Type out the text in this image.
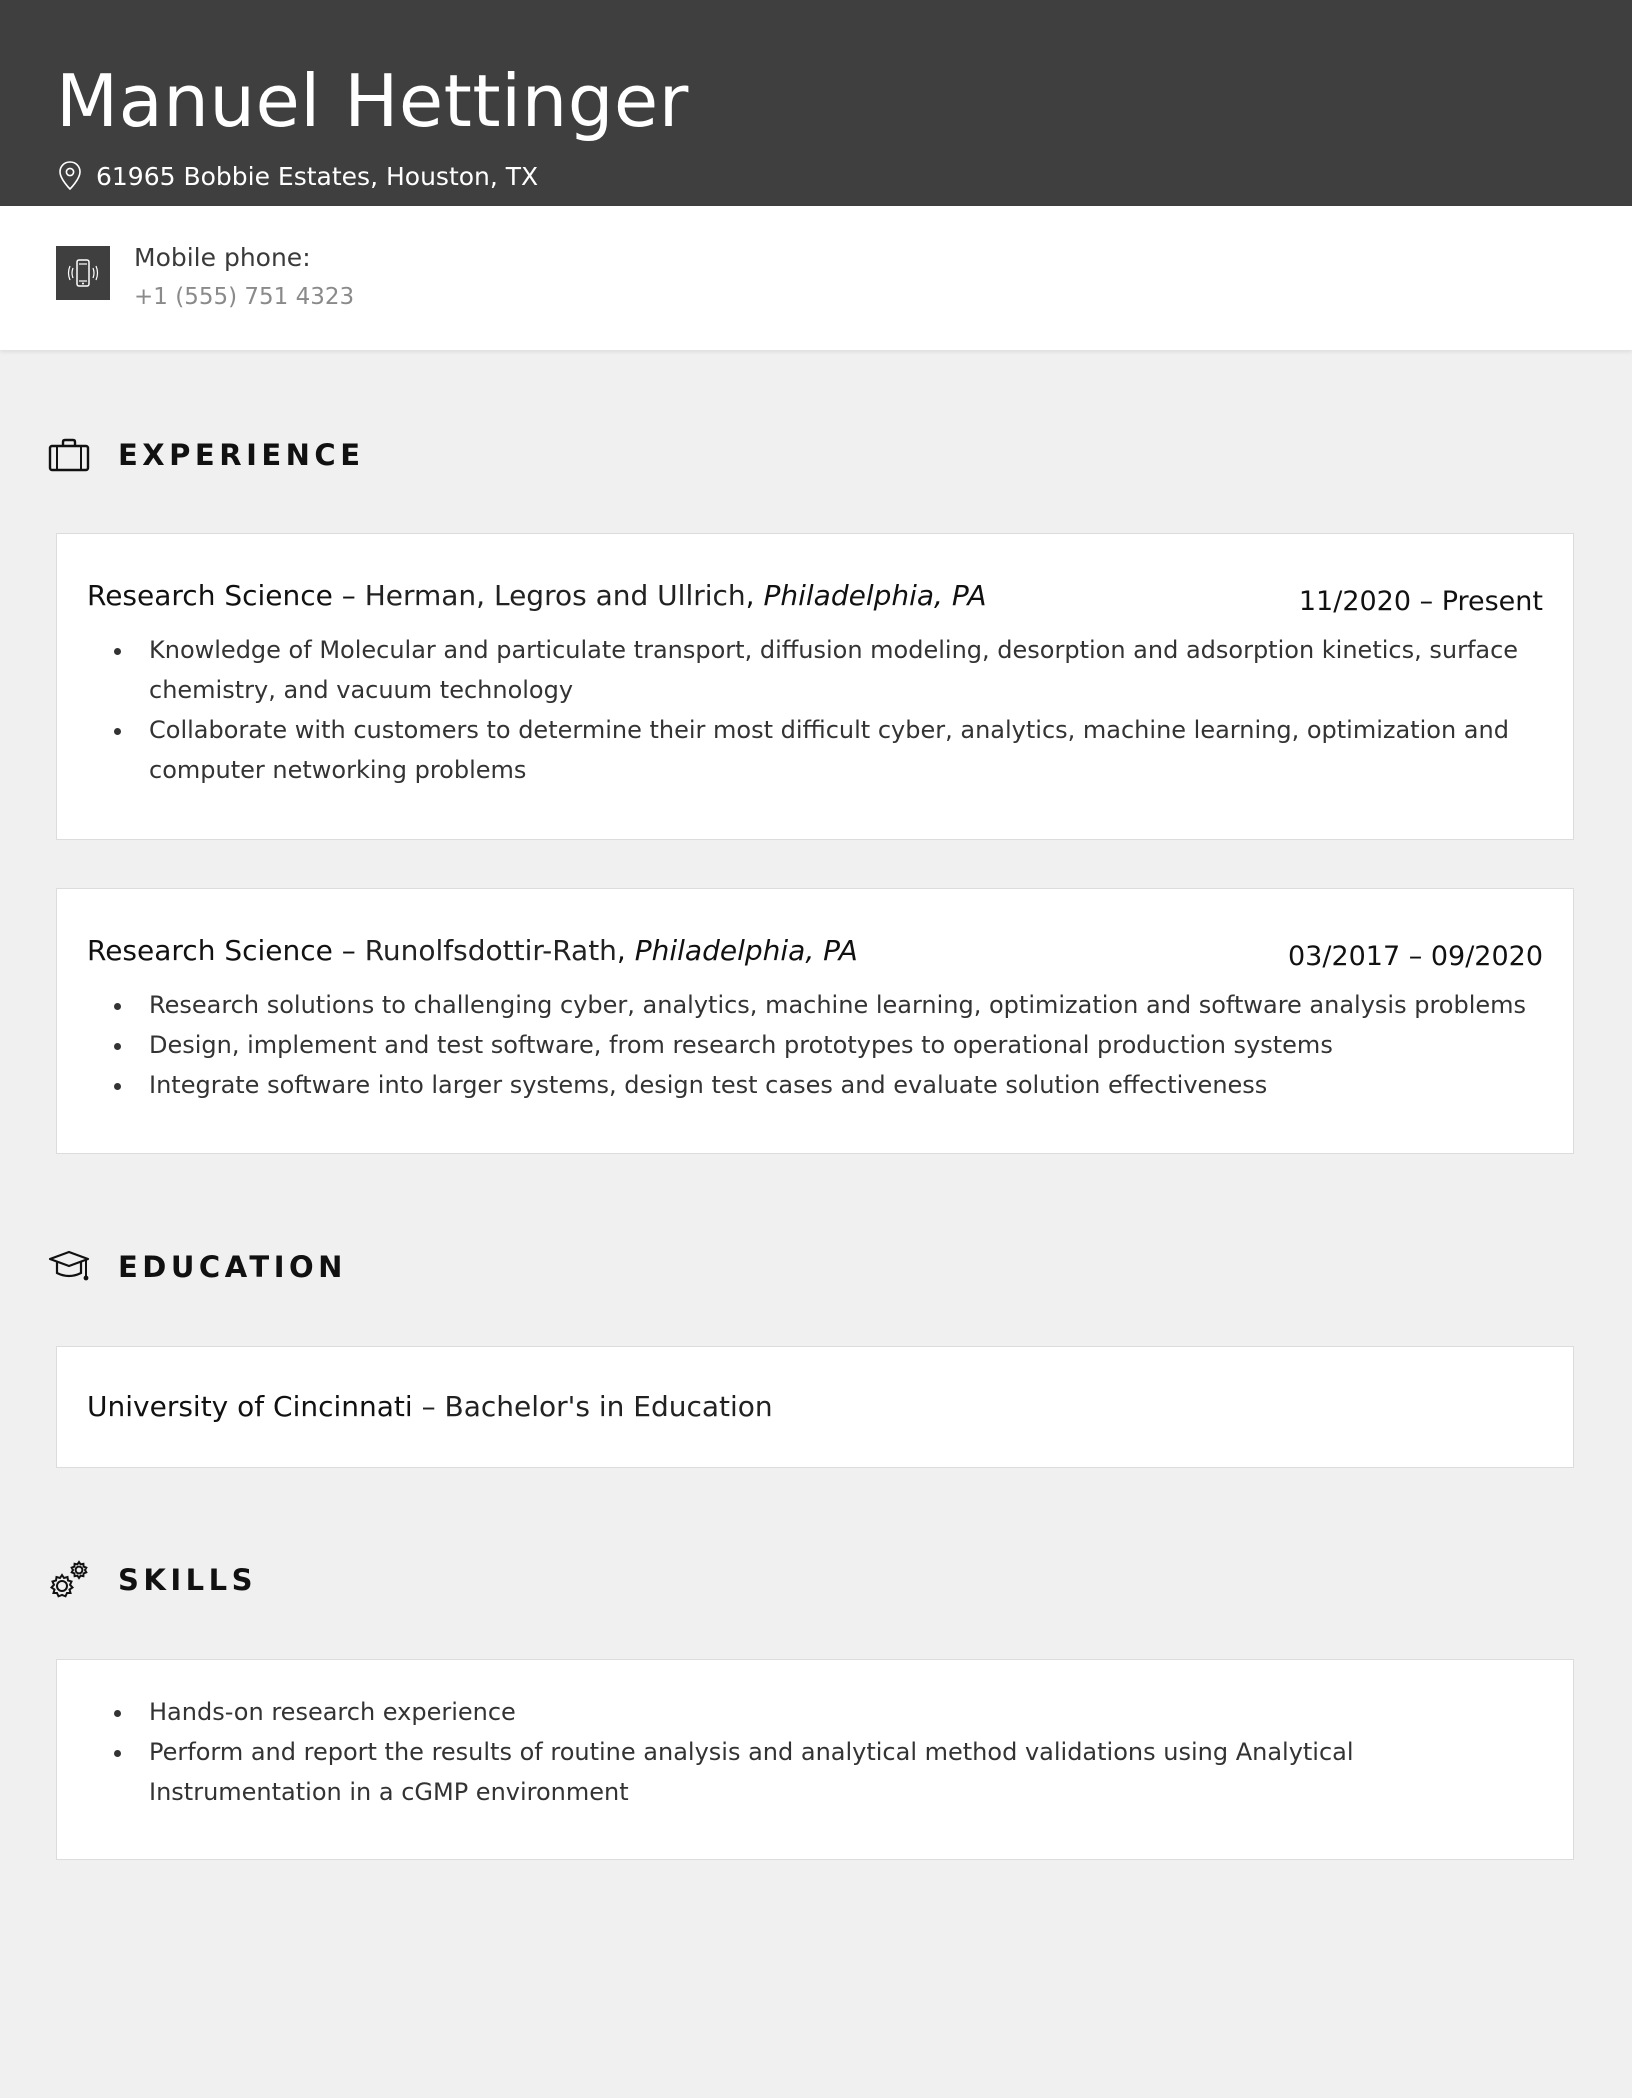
Manuel Hettinger
61965 Bobbie Estates, Houston, TX
Mobile phone:
+1 (555) 751 4323
EXPERIENCE
Research Science – Herman, Legros and Ullrich, Philadelphia, PA	11/2020 – Present
• Knowledge of Molecular and particulate transport, diffusion modeling, desorption and adsorption kinetics, surface chemistry, and vacuum technology
• Collaborate with customers to determine their most difficult cyber, analytics, machine learning, optimization and computer networking problems
Research Science – Runolfsdottir-Rath, Philadelphia, PA	03/2017 – 09/2020
• Research solutions to challenging cyber, analytics, machine learning, optimization and software analysis problems
• Design, implement and test software, from research prototypes to operational production systems
• Integrate software into larger systems, design test cases and evaluate solution effectiveness
EDUCATION
University of Cincinnati – Bachelor's in Education
SKILLS
• Hands-on research experience
• Perform and report the results of routine analysis and analytical method validations using Analytical Instrumentation in a cGMP environment
